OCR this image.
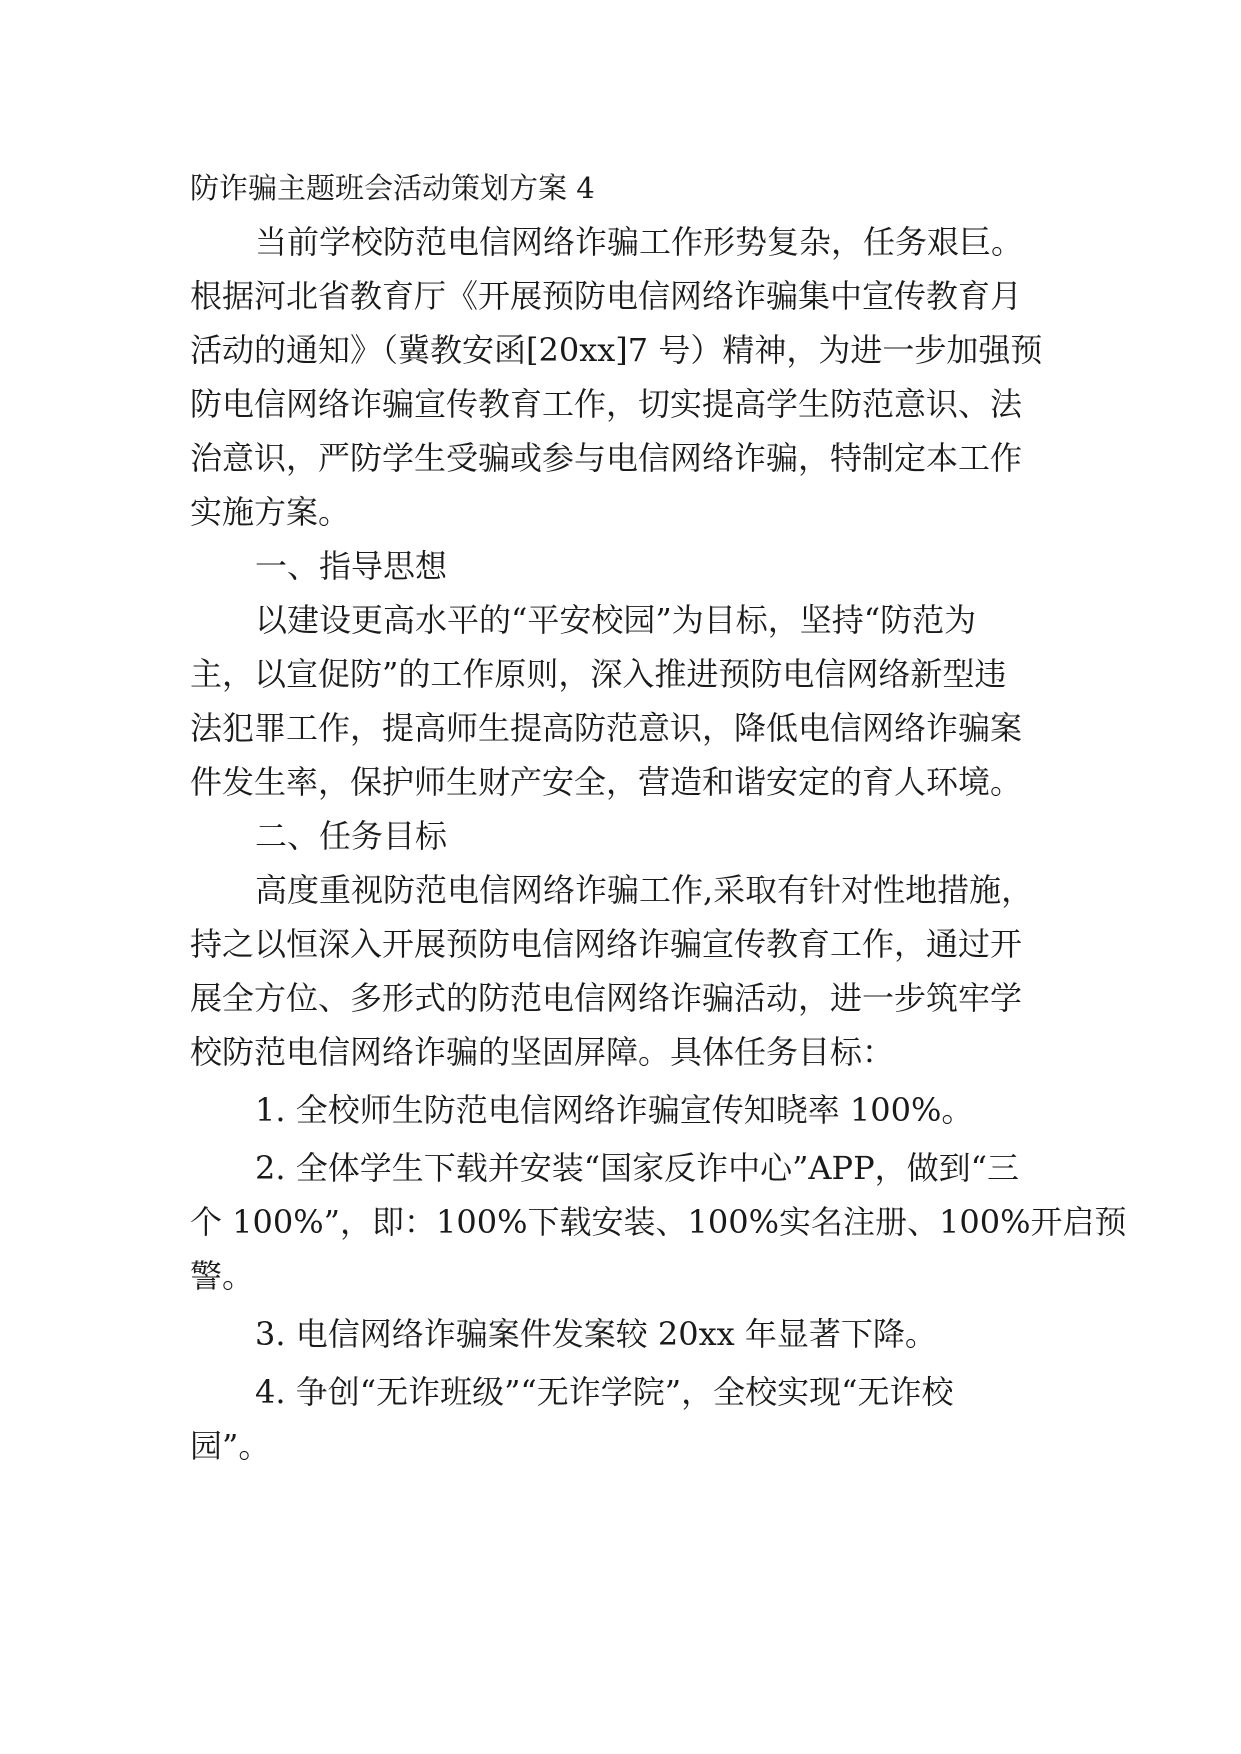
防诈骗主题班会活动策划方案 4
当前学校防范电信网络诈骗工作形势复杂，任务艰巨。
根据河北省教育厅《开展预防电信网络诈骗集中宣传教育月
活动的通知》（冀教安函[20xx]7 号）精神，为进一步加强预
防电信网络诈骗宣传教育工作，切实提高学生防范意识、法
治意识，严防学生受骗或参与电信网络诈骗，特制定本工作
实施方案。
一、指导思想
以建设更高水平的“平安校园”为目标，坚持“防范为
主，以宣促防”的工作原则，深入推进预防电信网络新型违
法犯罪工作，提高师生提高防范意识，降低电信网络诈骗案
件发生率，保护师生财产安全，营造和谐安定的育人环境。
二、任务目标
高度重视防范电信网络诈骗工作,采取有针对性地措施，
持之以恒深入开展预防电信网络诈骗宣传教育工作，通过开
展全方位、多形式的防范电信网络诈骗活动，进一步筑牢学
校防范电信网络诈骗的坚固屏障。具体任务目标：
1. 全校师生防范电信网络诈骗宣传知晓率 100%。
2. 全体学生下载并安装“国家反诈中心”APP，做到“三
个 100%”，即：100%下载安装、100%实名注册、100%开启预
警。
3. 电信网络诈骗案件发案较 20xx 年显著下降。
4. 争创“无诈班级”“无诈学院”，全校实现“无诈校
园”。
